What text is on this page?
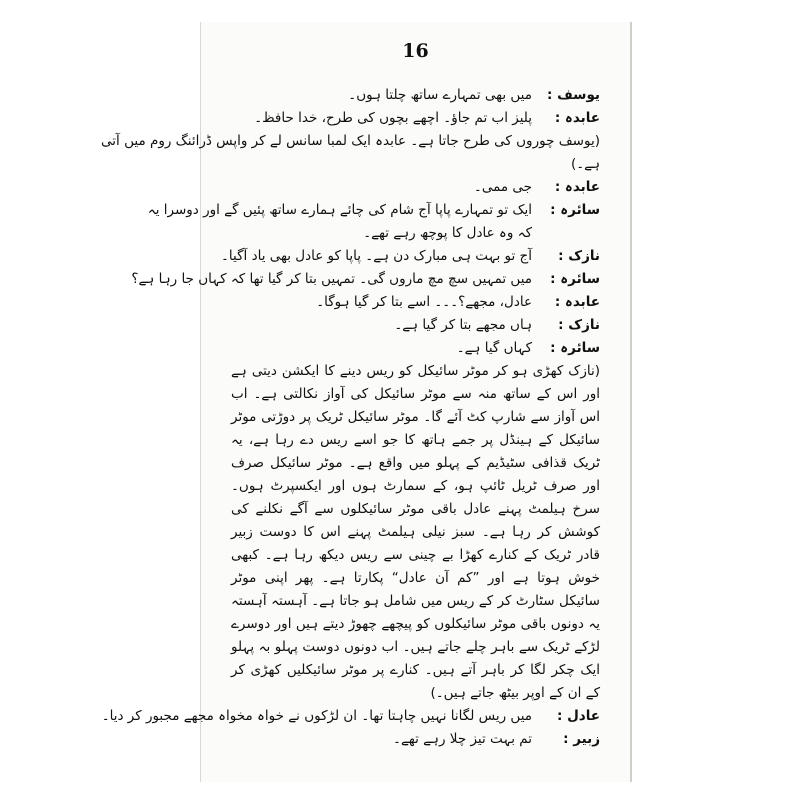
16
یوسف :
میں بھی تمہارے ساتھ چلتا ہوں۔
عابدہ :
پلیز اب تم جاؤ۔ اچھے بچوں کی طرح، خدا حافظ۔
(یوسف چوروں کی طرح جاتا ہے۔ عابدہ ایک لمبا سانس لے کر واپس ڈرائنگ روم میں آتی
ہے۔)
عابدہ :
جی ممی۔
سائرہ :
ایک تو تمہارے پاپا آج شام کی چائے ہمارے ساتھ پئیں گے اور دوسرا یہ
کہ وہ عادل کا پوچھ رہے تھے۔
نازک :
آج تو بہت ہی مبارک دن ہے۔ پاپا کو عادل بھی یاد آگیا۔
سائرہ :
میں تمہیں سچ مچ ماروں گی۔ تمہیں بتا کر گیا تھا کہ کہاں جا رہا ہے؟
عابدہ :
عادل، مجھے؟۔۔۔ اسے بتا کر گیا ہوگا۔
نازک :
ہاں مجھے بتا کر گیا ہے۔
سائرہ :
کہاں گیا ہے۔
(نازک کھڑی ہو کر موٹر سائیکل کو ریس دینے کا ایکشن دیتی ہے اور اس کے ساتھ منہ سے موٹر سائیکل کی آواز نکالتی ہے۔ اب اس آواز سے شارپ کٹ آئے گا۔ موٹر سائیکل ٹریک پر دوڑتی موٹر سائیکل کے ہینڈل پر جمے ہاتھ کا جو اسے ریس دے رہا ہے، یہ ٹریک قذافی سٹیڈیم کے پہلو میں واقع ہے۔ موٹر سائیکل صرف اور صرف ٹریل ٹائپ ہو، کے سمارٹ ہوں اور ایکسپرٹ ہوں۔ سرخ ہیلمٹ پہنے عادل باقی موٹر سائیکلوں سے آگے نکلنے کی کوشش کر رہا ہے۔ سبز نیلی ہیلمٹ پہنے اس کا دوست زبیر قادر ٹریک کے کنارے کھڑا بے چینی سے ریس دیکھ رہا ہے۔ کبھی خوش ہوتا ہے اور ”کم آن عادل“ پکارتا ہے۔ پھر اپنی موٹر سائیکل سٹارٹ کر کے ریس میں شامل ہو جاتا ہے۔ آہستہ آہستہ یہ دونوں باقی موٹر سائیکلوں کو پیچھے چھوڑ دیتے ہیں اور دوسرے لڑکے ٹریک سے باہر چلے جاتے ہیں۔ اب دونوں دوست پہلو بہ پہلو ایک چکر لگا کر باہر آتے ہیں۔ کنارے پر موٹر سائیکلیں کھڑی کر کے ان کے اوپر بیٹھ جاتے ہیں۔)
عادل :
میں ریس لگانا نہیں چاہتا تھا۔ ان لڑکوں نے خواہ مخواہ مجھے مجبور کر دیا۔
زبیر :
تم بہت تیز چلا رہے تھے۔
